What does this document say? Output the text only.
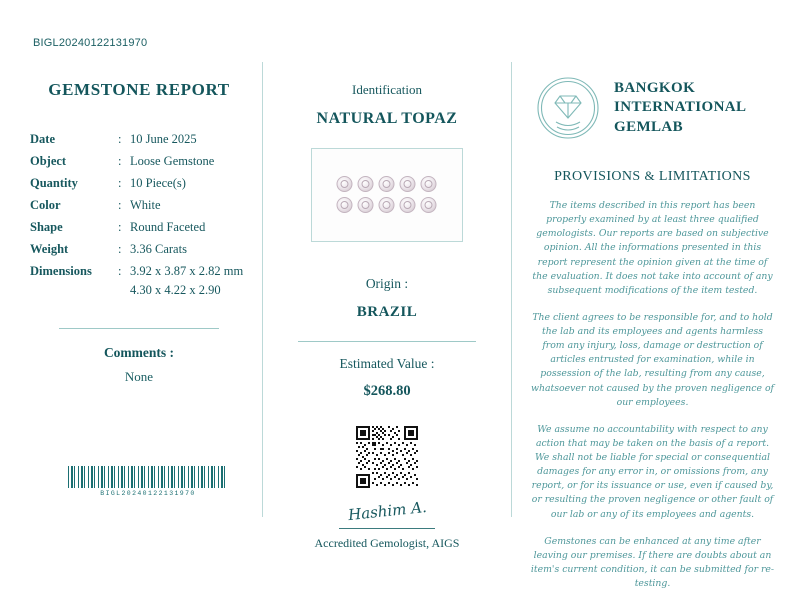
BIGL20240122131970
GEMSTONE REPORT
Date	:	10 June 2025
Object	:	Loose Gemstone
Quantity	:	10 Piece(s)
Color	:	White
Shape	:	Round Faceted
Weight	:	3.36 Carats
Dimensions	:	3.92 x 3.87 x 2.82 mm
4.30 x 4.22 x 2.90
Comments :
None
BIGL20240122131970
Identification
NATURAL TOPAZ
Origin :
BRAZIL
Estimated Value :
$268.80
Hashim A.
Accredited Gemologist, AIGS
BANGKOK INTERNATIONAL GEMLAB
PROVISIONS & LIMITATIONS

The items described in this report has been properly examined by at least three qualified gemologists. Our reports are based on subjective opinion. All the informations presented in this report represent the opinion given at the time of the evaluation. It does not take into account of any subsequent modifications of the item tested.

The client agrees to be responsible for, and to hold the lab and its employees and agents harmless from any injury, loss, damage or destruction of articles entrusted for examination, while in possession of the lab, resulting from any cause, whatsoever not caused by the proven negligence of our employees.

We assume no accountability with respect to any action that may be taken on the basis of a report. We shall not be liable for special or consequential damages for any error in, or omissions from, any report, or for its issuance or use, even if caused by, or resulting the proven negligence or other fault of our lab or any of its employees and agents.

Gemstones can be enhanced at any time after leaving our premises. If there are doubts about an item's current condition, it can be submitted for re-testing.
